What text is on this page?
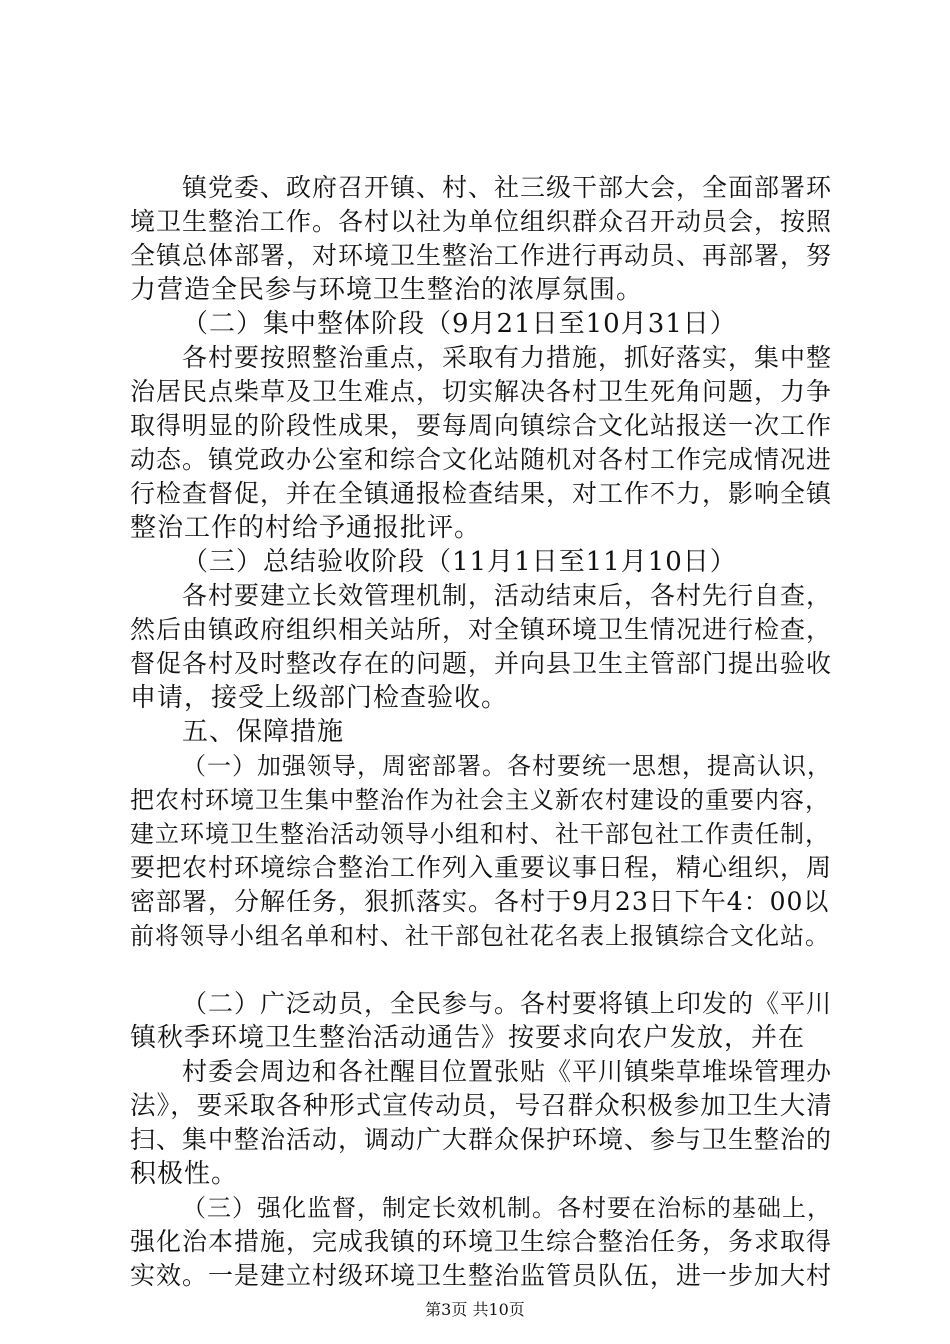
镇党委、政府召开镇、村、社三级干部大会，全面部署环
境卫生整治工作。各村以社为单位组织群众召开动员会，按照
全镇总体部署，对环境卫生整治工作进行再动员、再部署，努
力营造全民参与环境卫生整治的浓厚氛围。
（二）集中整体阶段（9月21日至10月31日）
各村要按照整治重点，采取有力措施，抓好落实，集中整
治居民点柴草及卫生难点，切实解决各村卫生死角问题，力争
取得明显的阶段性成果，要每周向镇综合文化站报送一次工作
动态。镇党政办公室和综合文化站随机对各村工作完成情况进
行检查督促，并在全镇通报检查结果，对工作不力，影响全镇
整治工作的村给予通报批评。
（三）总结验收阶段（11月1日至11月10日）
各村要建立长效管理机制，活动结束后，各村先行自查，
然后由镇政府组织相关站所，对全镇环境卫生情况进行检查，
督促各村及时整改存在的问题，并向县卫生主管部门提出验收
申请，接受上级部门检查验收。
五、保障措施
（一）加强领导，周密部署。各村要统一思想，提高认识，
把农村环境卫生集中整治作为社会主义新农村建设的重要内容，
建立环境卫生整治活动领导小组和村、社干部包社工作责任制，
要把农村环境综合整治工作列入重要议事日程，精心组织，周
密部署，分解任务，狠抓落实。各村于9月23日下午4：00以
前将领导小组名单和村、社干部包社花名表上报镇综合文化站。
（二）广泛动员，全民参与。各村要将镇上印发的《平川
镇秋季环境卫生整治活动通告》按要求向农户发放，并在
村委会周边和各社醒目位置张贴《平川镇柴草堆垛管理办
法》，要采取各种形式宣传动员，号召群众积极参加卫生大清
扫、集中整治活动，调动广大群众保护环境、参与卫生整治的
积极性。
（三）强化监督，制定长效机制。各村要在治标的基础上，
强化治本措施，完成我镇的环境卫生综合整治任务，务求取得
实效。一是建立村级环境卫生整治监管员队伍，进一步加大村
第3页 共10页
